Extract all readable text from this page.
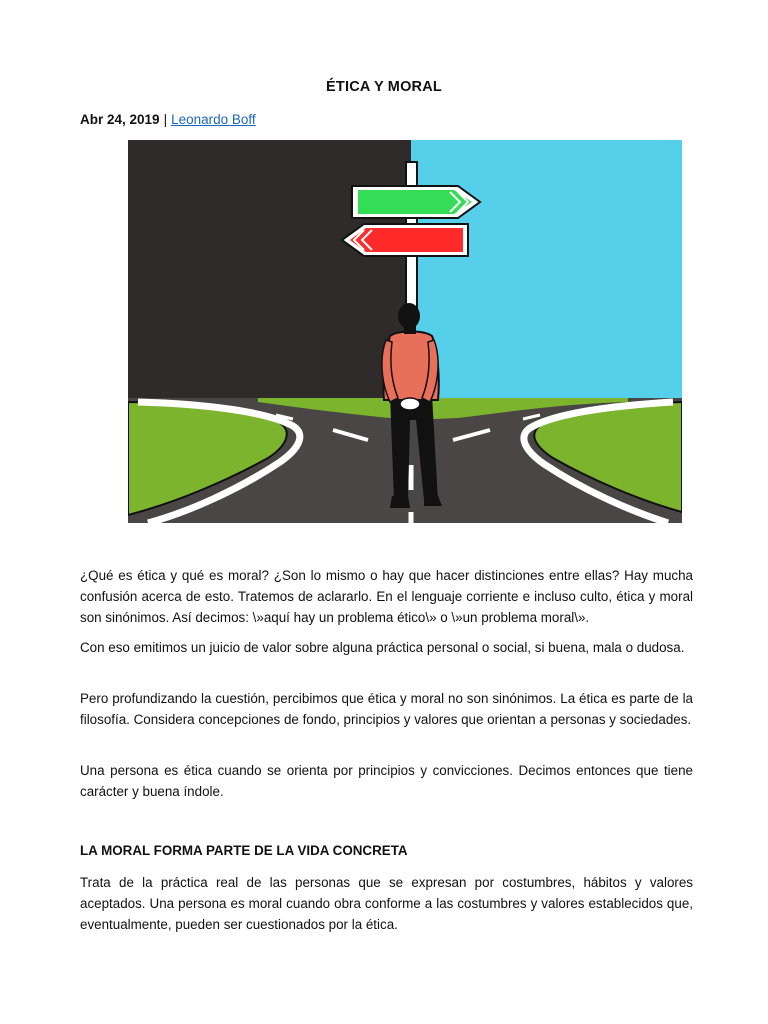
ÉTICA Y MORAL
Abr 24, 2019 | Leonardo Boff

¿Qué es ética y qué es moral? ¿Son lo mismo o hay que hacer distinciones entre ellas? Hay mucha confusión acerca de esto. Tratemos de aclararlo. En el lenguaje corriente e incluso culto, ética y moral son sinónimos. Así decimos: \»aquí hay un problema ético\» o \»un problema moral\».

Con eso emitimos un juicio de valor sobre alguna práctica personal o social, si buena, mala o dudosa.

Pero profundizando la cuestión, percibimos que ética y moral no son sinónimos. La ética es parte de la filosofía. Considera concepciones de fondo, principios y valores que orientan a personas y sociedades.

Una persona es ética cuando se orienta por principios y convicciones. Decimos entonces que tiene carácter y buena índole.

LA MORAL FORMA PARTE DE LA VIDA CONCRETA

Trata de la práctica real de las personas que se expresan por costumbres, hábitos y valores aceptados. Una persona es moral cuando obra conforme a las costumbres y valores establecidos que, eventualmente, pueden ser cuestionados por la ética.
